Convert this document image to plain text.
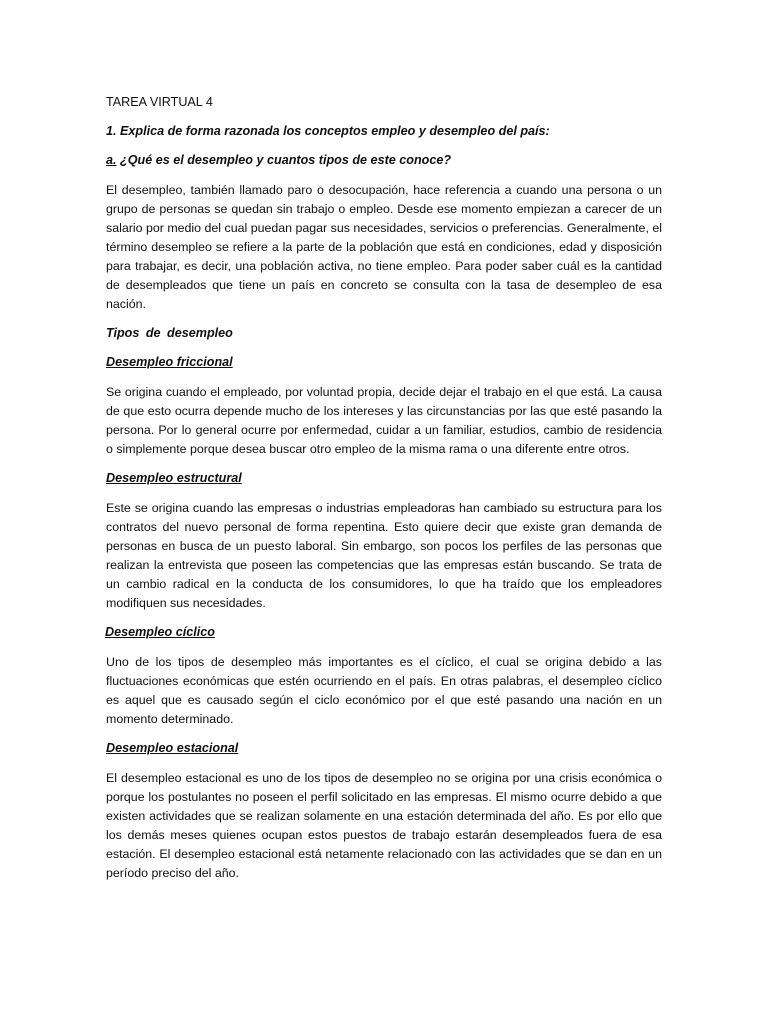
TAREA VIRTUAL 4

1. Explica de forma razonada los conceptos empleo y desempleo del país:

a. ¿Qué es el desempleo y cuantos tipos de este conoce?

El desempleo, también llamado paro o desocupación, hace referencia a cuando una persona o un grupo de personas se quedan sin trabajo o empleo. Desde ese momento empiezan a carecer de un salario por medio del cual puedan pagar sus necesidades, servicios o preferencias. Generalmente, el término desempleo se refiere a la parte de la población que está en condiciones, edad y disposición para trabajar, es decir, una población activa, no tiene empleo. Para poder saber cuál es la cantidad de desempleados que tiene un país en concreto se consulta con la tasa de desempleo de esa nación.

Tipos de desempleo

Desempleo friccional

Se origina cuando el empleado, por voluntad propia, decide dejar el trabajo en el que está. La causa de que esto ocurra depende mucho de los intereses y las circunstancias por las que esté pasando la persona. Por lo general ocurre por enfermedad, cuidar a un familiar, estudios, cambio de residencia o simplemente porque desea buscar otro empleo de la misma rama o una diferente entre otros.

Desempleo estructural

Este se origina cuando las empresas o industrias empleadoras han cambiado su estructura para los contratos del nuevo personal de forma repentina. Esto quiere decir que existe gran demanda de personas en busca de un puesto laboral. Sin embargo, son pocos los perfiles de las personas que realizan la entrevista que poseen las competencias que las empresas están buscando. Se trata de un cambio radical en la conducta de los consumidores, lo que ha traído que los empleadores modifiquen sus necesidades.

Desempleo cíclico

Uno de los tipos de desempleo más importantes es el cíclico, el cual se origina debido a las fluctuaciones económicas que estén ocurriendo en el país. En otras palabras, el desempleo cíclico es aquel que es causado según el ciclo económico por el que esté pasando una nación en un momento determinado.

Desempleo estacional

El desempleo estacional es uno de los tipos de desempleo no se origina por una crisis económica o porque los postulantes no poseen el perfil solicitado en las empresas. El mismo ocurre debido a que existen actividades que se realizan solamente en una estación determinada del año. Es por ello que los demás meses quienes ocupan estos puestos de trabajo estarán desempleados fuera de esa estación. El desempleo estacional está netamente relacionado con las actividades que se dan en un período preciso del año.
